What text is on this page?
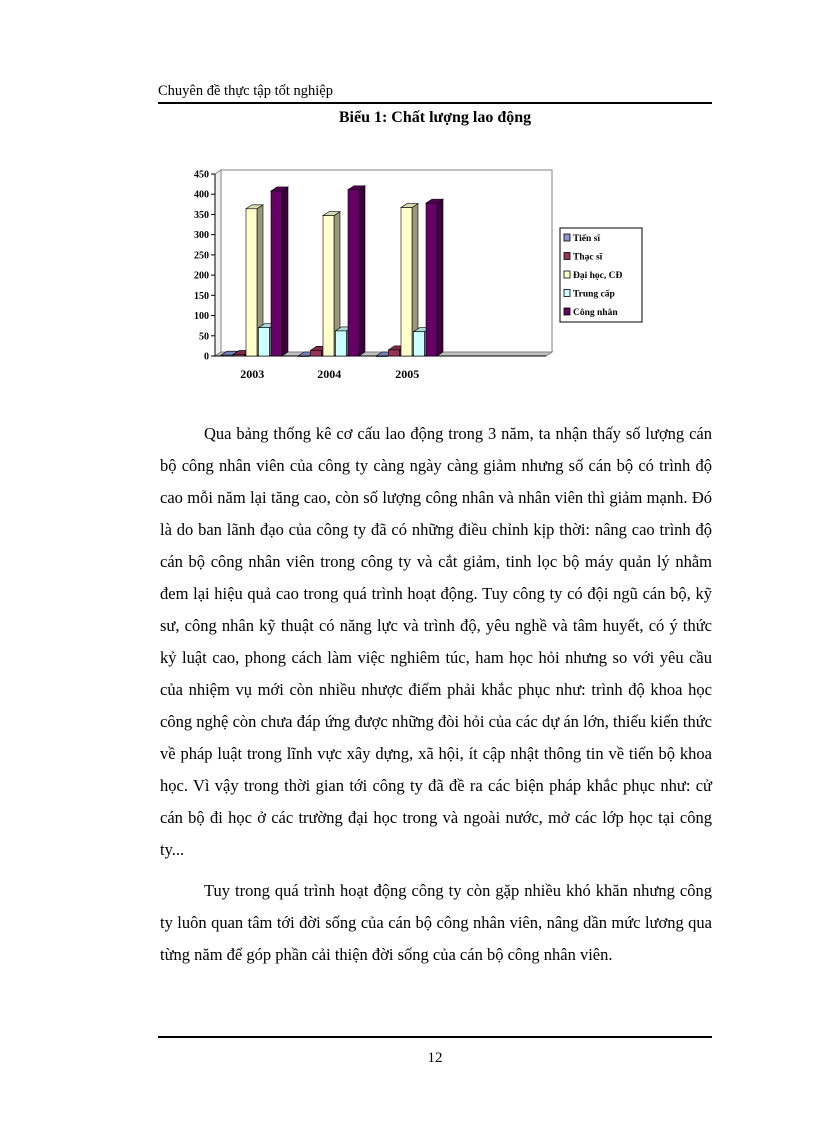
Chuyên đề thực tập tốt nghiệp
Biểu 1: Chất lượng lao động
0
50
100
150
200
250
300
350
400
450
2003	2004	2005
Tiến sĩ
Thạc sĩ
Đại học, CĐ
Trung cấp
Công nhân

Qua bảng thống kê cơ cấu lao động trong 3 năm, ta nhận thấy số lượng cán bộ công nhân viên của công ty càng ngày càng giảm nhưng số cán bộ có trình độ cao mỗi năm lại tăng cao, còn số lượng công nhân và nhân viên thì giảm mạnh. Đó là do ban lãnh đạo của công ty đã có những điều chỉnh kịp thời: nâng cao trình độ cán bộ công nhân viên trong công ty và cắt giảm, tinh lọc bộ máy quản lý nhằm đem lại hiệu quả cao trong quá trình hoạt động. Tuy công ty có đội ngũ cán bộ, kỹ sư, công nhân kỹ thuật có năng lực và trình độ, yêu nghề và tâm huyết, có ý thức kỷ luật cao, phong cách làm việc nghiêm túc, ham học hỏi nhưng so với yêu cầu của nhiệm vụ mới còn nhiều nhược điểm phải khắc phục như: trình độ khoa học công nghệ còn chưa đáp ứng được những đòi hỏi của các dự án lớn, thiếu kiến thức về pháp luật trong lĩnh vực xây dựng, xã hội, ít cập nhật thông tin về tiến bộ khoa học. Vì vậy trong thời gian tới công ty đã đề ra các biện pháp khắc phục như: cử cán bộ đi học ở các trường đại học trong và ngoài nước, mở các lớp học tại công ty...

Tuy trong quá trình hoạt động công ty còn gặp nhiều khó khăn nhưng công ty luôn quan tâm tới đời sống của cán bộ công nhân viên, nâng dần mức lương qua từng năm để góp phần cải thiện đời sống của cán bộ công nhân viên.

12
